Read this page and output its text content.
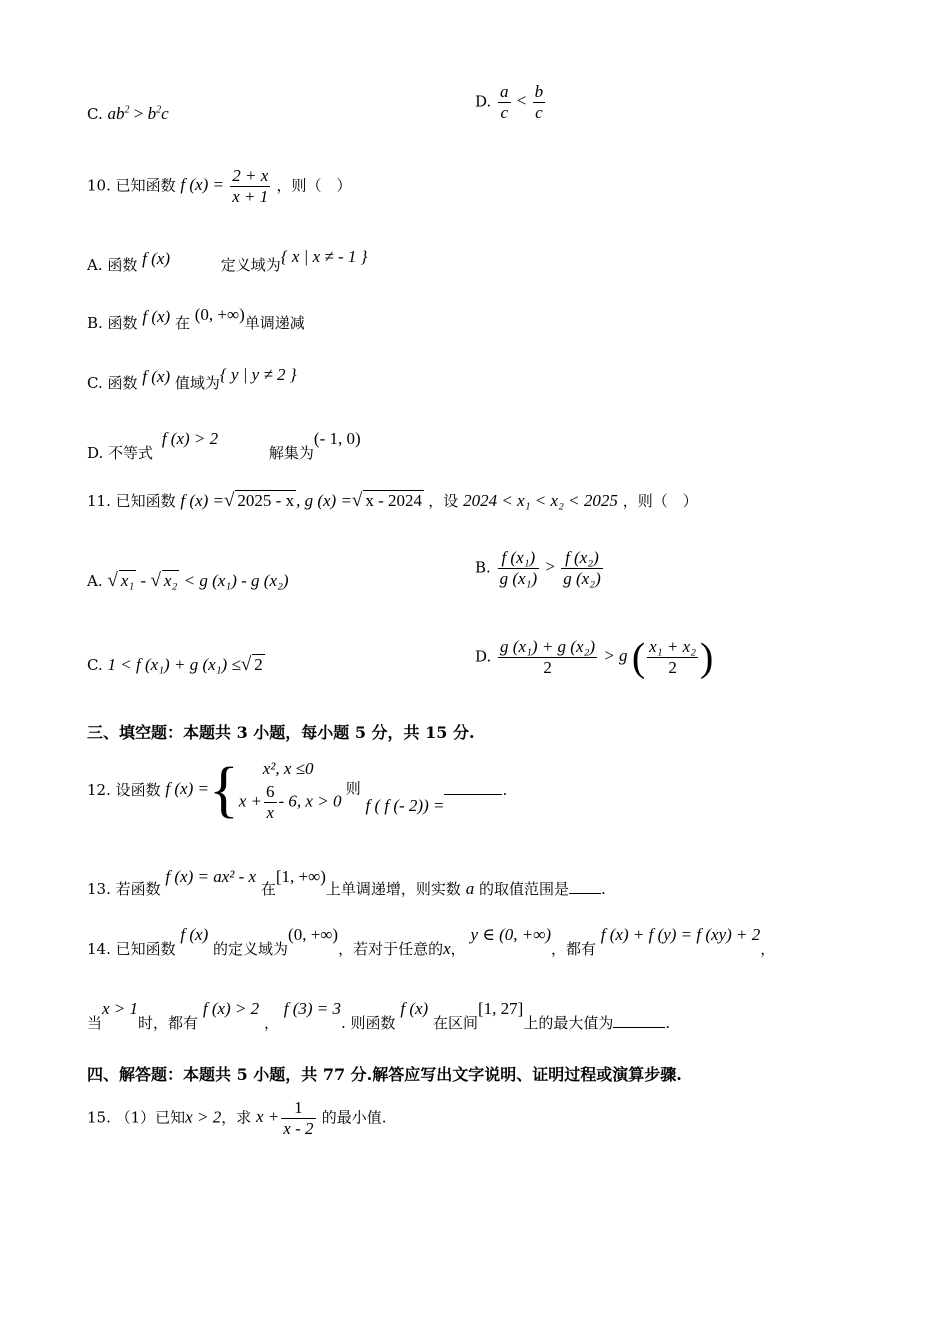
C. $ab^2 > b^2c$
D. $\frac{a}{c} < \frac{b}{c}$
10. 已知函数 f $(x) = \frac{2 + x}{x + 1}$ ，则（　）
A. 函数 f (x)	定义域为{ x | x ≠ - 1 }
B. 函数 f (x) 在 (0, +∞)单调递减
C. 函数 f (x) 值域为{ y | y ≠ 2 }
D. 不等式 f (x) > 2 解集为(- 1, 0)
11. 已知函数 f (x) =√ 2025 - x , g (x) =√ x - 2024 ，设 2024 < x₁ < x₂ < 2025 ，则（　）
A. √ x₁ - √ x₂ < g (x₁) - g (x₂)
B. $\frac{\text{f (x₁)}}{\text{g (x₁)}} > \frac{\text{f (x₂)}}{\text{g (x₂)}}$
C. 1 < f (x₁) + g (x₁) ≤√ 2	D. $\frac{\text{g (x₁) + g (x₂)}}{2} > g$ ( $\frac{\text{x₁ + x₂}}{2}$ )
三、填空题：本题共 3 小题，每小题 5 分，共 15 分.
12. 设函数 f (x) ={	x², x ≤0
$x + \frac{6}{x} - 6$, x > 0
则 f ( f (- 2)) =.
13. 若函数 f (x) = ax² - x 在[1, +∞)上单调递增，则实数 a 的取值范围是 .
14. 已知函数 f (x) 的定义域为(0, +∞)，若对于任意的x， y ∈ (0, +∞)，都有 f (x) + f (y) = f (xy) + 2，
当x > 1时，都有 f (x) > 2 ， f (3) = 3. 则函数 f (x) 在区间[1, 27]上的最大值为	.
四、解答题：本题共 5 小题，共 77 分.解答应写出文字说明、证明过程或演算步骤.
15. （1）已知x > 2，求 $x + \frac{1}{x - 2}$ 的最小值.
